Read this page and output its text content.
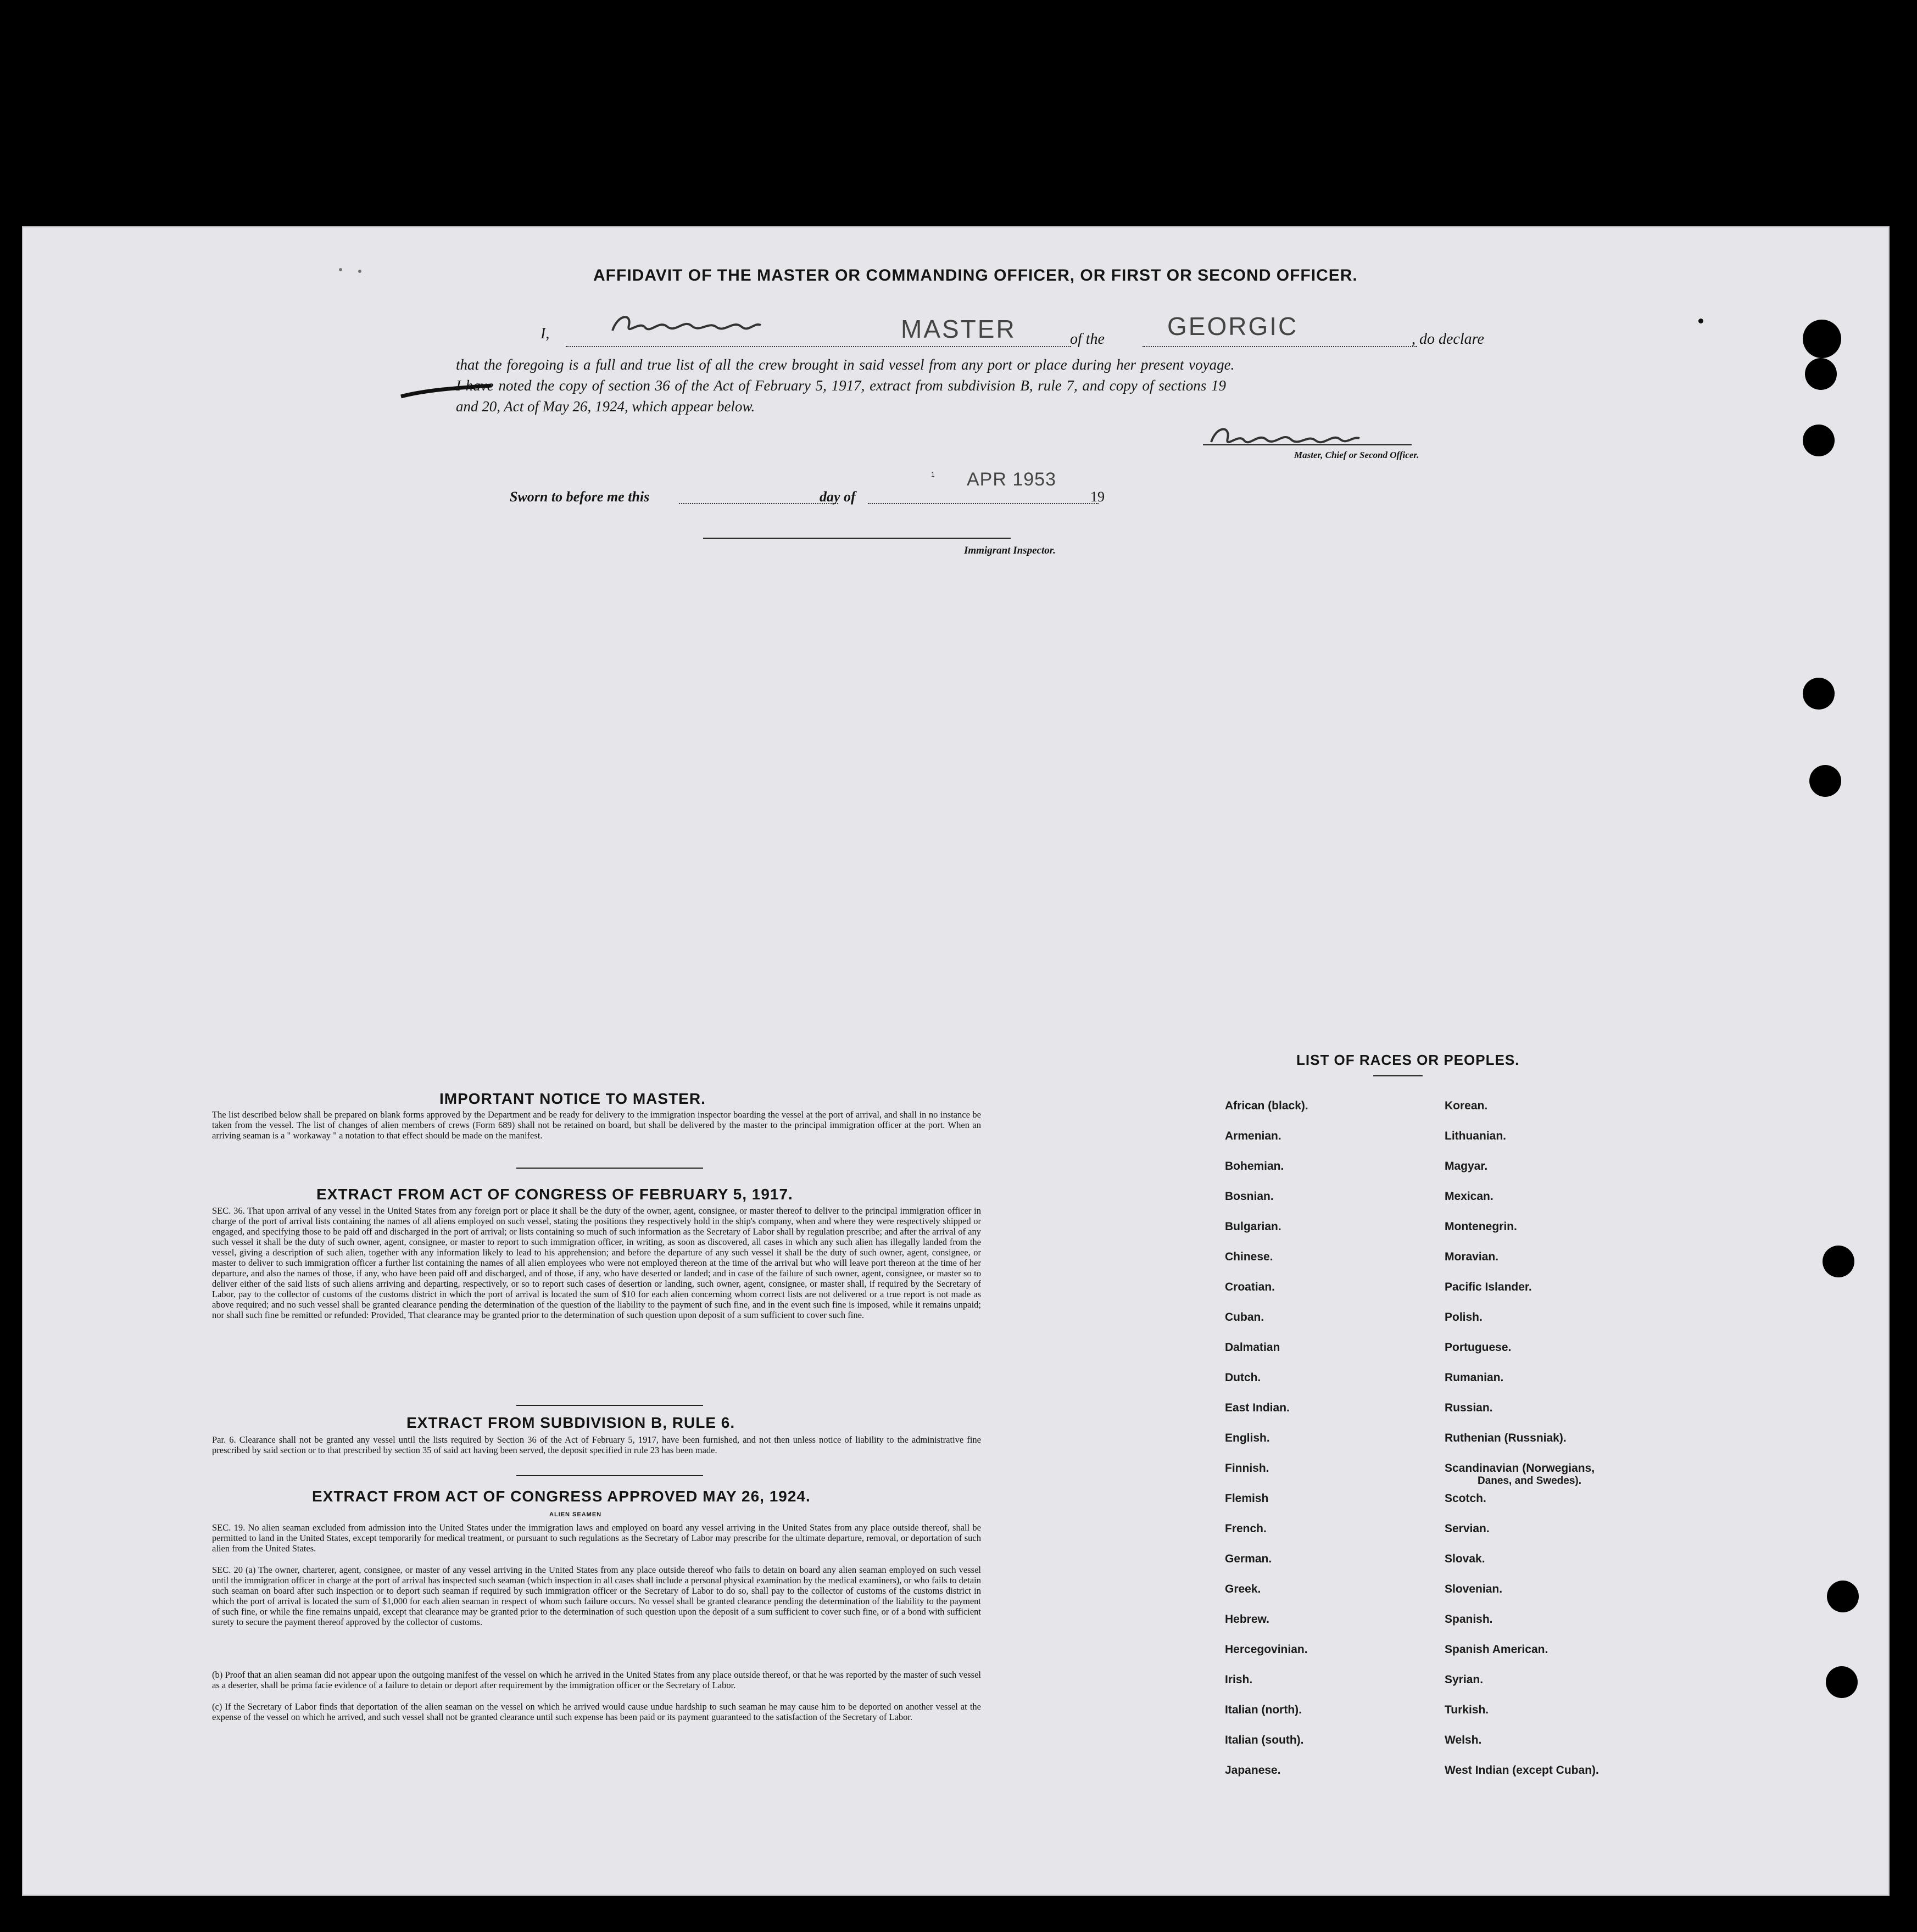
AFFIDAVIT OF THE MASTER OR COMMANDING OFFICER, OR FIRST OR SECOND OFFICER.
I,	MASTER	of the GEORGIC	, do declare
that the foregoing is a full and true list of all the crew brought in said vessel from any port or place during her present voyage.
I have noted the copy of section 36 of the Act of February 5, 1917, extract from subdivision B, rule 7, and copy of sections 19
and 20, Act of May 26, 1924, which appear below.
Master, Chief or Second Officer.
Sworn to before me this	day of
1 APR 1953
19
Immigrant Inspector.
IMPORTANT NOTICE TO MASTER.
The list described below shall be prepared on blank forms approved by the Department and be ready for delivery to the immigration inspector boarding the vessel at the port of arrival, and shall in no instance be taken from the vessel. The list of changes of alien members of crews (Form 689) shall not be retained on board, but shall be delivered by the master to the principal immigration officer at the port. When an arriving seaman is a " workaway " a notation to that effect should be made on the manifest.
EXTRACT FROM ACT OF CONGRESS OF FEBRUARY 5, 1917.
SEC. 36. That upon arrival of any vessel in the United States from any foreign port or place it shall be the duty of the owner, agent, consignee, or master thereof to deliver to the principal immigration officer in charge of the port of arrival lists containing the names of all aliens employed on such vessel, stating the positions they respectively hold in the ship's company, when and where they were respectively shipped or engaged, and specifying those to be paid off and discharged in the port of arrival; or lists containing so much of such information as the Secretary of Labor shall by regulation prescribe; and after the arrival of any such vessel it shall be the duty of such owner, agent, consignee, or master to report to such immigration officer, in writing, as soon as discovered, all cases in which any such alien has illegally landed from the vessel, giving a description of such alien, together with any information likely to lead to his apprehension; and before the departure of any such vessel it shall be the duty of such owner, agent, consignee, or master to deliver to such immigration officer a further list containing the names of all alien employees who were not employed thereon at the time of the arrival but who will leave port thereon at the time of her departure, and also the names of those, if any, who have been paid off and discharged, and of those, if any, who have deserted or landed; and in case of the failure of such owner, agent, consignee, or master so to deliver either of the said lists of such aliens arriving and departing, respectively, or so to report such cases of desertion or landing, such owner, agent, consignee, or master shall, if required by the Secretary of Labor, pay to the collector of customs of the customs district in which the port of arrival is located the sum of $10 for each alien concerning whom correct lists are not delivered or a true report is not made as above required; and no such vessel shall be granted clearance pending the determination of the question of the liability to the payment of such fine, and in the event such fine is imposed, while it remains unpaid; nor shall such fine be remitted or refunded: Provided, That clearance may be granted prior to the determination of such question upon deposit of a sum sufficient to cover such fine.
EXTRACT FROM SUBDIVISION B, RULE 6.
Par. 6. Clearance shall not be granted any vessel until the lists required by Section 36 of the Act of February 5, 1917, have been furnished, and not then unless notice of liability to the administrative fine prescribed by said section or to that prescribed by section 35 of said act having been served, the deposit specified in rule 23 has been made.
EXTRACT FROM ACT OF CONGRESS APPROVED MAY 26, 1924.
ALIEN SEAMEN
SEC. 19. No alien seaman excluded from admission into the United States under the immigration laws and employed on board any vessel arriving in the United States from any place outside thereof, shall be permitted to land in the United States, except temporarily for medical treatment, or pursuant to such regulations as the Secretary of Labor may prescribe for the ultimate departure, removal, or deportation of such alien from the United States.
SEC. 20 (a) The owner, charterer, agent, consignee, or master of any vessel arriving in the United States from any place outside thereof who fails to detain on board any alien seaman employed on such vessel until the immigration officer in charge at the port of arrival has inspected such seaman (which inspection in all cases shall include a personal physical examination by the medical examiners), or who fails to detain such seaman on board after such inspection or to deport such seaman if required by such immigration officer or the Secretary of Labor to do so, shall pay to the collector of customs of the customs district in which the port of arrival is located the sum of $1,000 for each alien seaman in respect of whom such failure occurs. No vessel shall be granted clearance pending the determination of the liability to the payment of such fine, or while the fine remains unpaid, except that clearance may be granted prior to the determination of such question upon the deposit of a sum sufficient to cover such fine, or of a bond with sufficient surety to secure the payment thereof approved by the collector of customs.
(b) Proof that an alien seaman did not appear upon the outgoing manifest of the vessel on which he arrived in the United States from any place outside thereof, or that he was reported by the master of such vessel as a deserter, shall be prima facie evidence of a failure to detain or deport after requirement by the immigration officer or the Secretary of Labor.
(c) If the Secretary of Labor finds that deportation of the alien seaman on the vessel on which he arrived would cause undue hardship to such seaman he may cause him to be deported on another vessel at the expense of the vessel on which he arrived, and such vessel shall not be granted clearance until such expense has been paid or its payment guaranteed to the satisfaction of the Secretary of Labor.
LIST OF RACES OR PEOPLES.
African (black).
Armenian.
Bohemian.
Bosnian.
Bulgarian.
Chinese.
Croatian.
Cuban.
Dalmatian
Dutch.
East Indian.
English.
Finnish.
Flemish
French.
German.
Greek.
Hebrew.
Hercegovinian.
Irish.
Italian (north).
Italian (south).
Japanese.
Korean.
Lithuanian.
Magyar.
Mexican.
Montenegrin.
Moravian.
Pacific Islander.
Polish.
Portuguese.
Rumanian.
Russian.
Ruthenian (Russniak).
Scandinavian (Norwegians,
Danes, and Swedes).
Scotch.
Servian.
Slovak.
Slovenian.
Spanish.
Spanish American.
Syrian.
Turkish.
Welsh.
West Indian (except Cuban).
